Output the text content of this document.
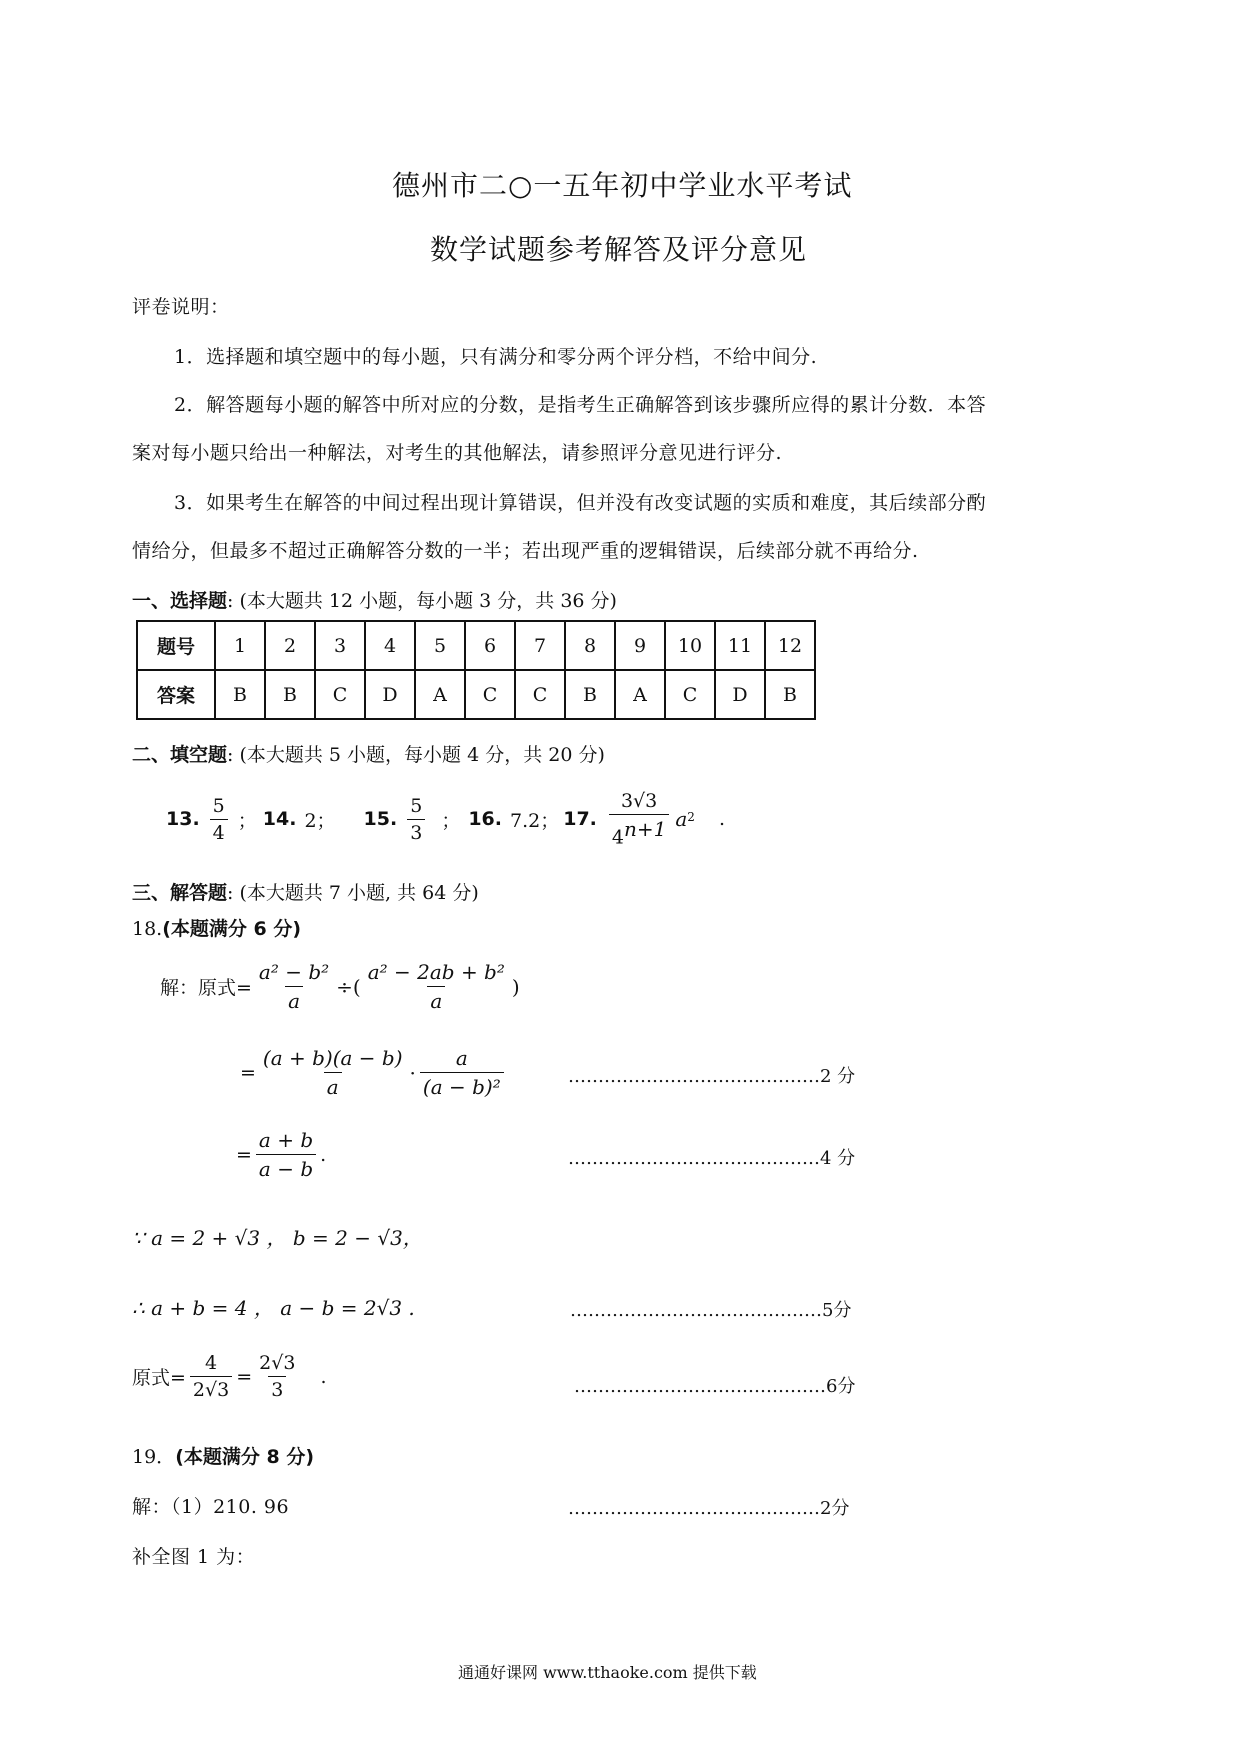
德州市二○一五年初中学业水平考试
数学试题参考解答及评分意见
评卷说明：
1．选择题和填空题中的每小题，只有满分和零分两个评分档，不给中间分.
2．解答题每小题的解答中所对应的分数，是指考生正确解答到该步骤所应得的累计分数．本答
案对每小题只给出一种解法，对考生的其他解法，请参照评分意见进行评分.
3．如果考生在解答的中间过程出现计算错误，但并没有改变试题的实质和难度，其后续部分酌
情给分，但最多不超过正确解答分数的一半；若出现严重的逻辑错误，后续部分就不再给分.
一、选择题: (本大题共 12 小题，每小题 3 分，共 36 分)
题号	1	2	3	4	5	6	7	8	9	10	11	12
答案	B	B	C	D	A	C	C	B	A	C	D	B
二、填空题: (本大题共 5 小题，每小题 4 分，共 20 分)
13. $\frac{5}{4}$ ； 14. 2； 15. $\frac{5}{3}$ ； 16. 7.2； 17. $\frac{3√3}{4^{n+1}}$ a 2 .
三、解答题: (本大题共 7 小题, 共 64 分)
18.(本题满分 6 分)
解：原式= $\frac{\text{a² − b²}}{a}$ ÷( $\frac{\text{a² − 2ab + b²}}{a}$ )
= $\frac{(a + b)(a - b)}{a} \cdot \frac{a}{\text{(a − b)²}}$	……………………………………2 分
= $\frac{a + b}{a - b}$ .	……………………………………4 分
∵ a = 2 + √3 ， b = 2 − √3，
∴ a + b = 4 ， a − b = 2√3 .	……………………………………5分
原式= $\frac{4}{2√3} = \frac{2√3}{3}$ .	……………………………………6分
19．(本题满分 8 分)
解：（1）210. 96	……………………………………2分
补全图 1 为：
通通好课网 www.tthaoke.com 提供下载
